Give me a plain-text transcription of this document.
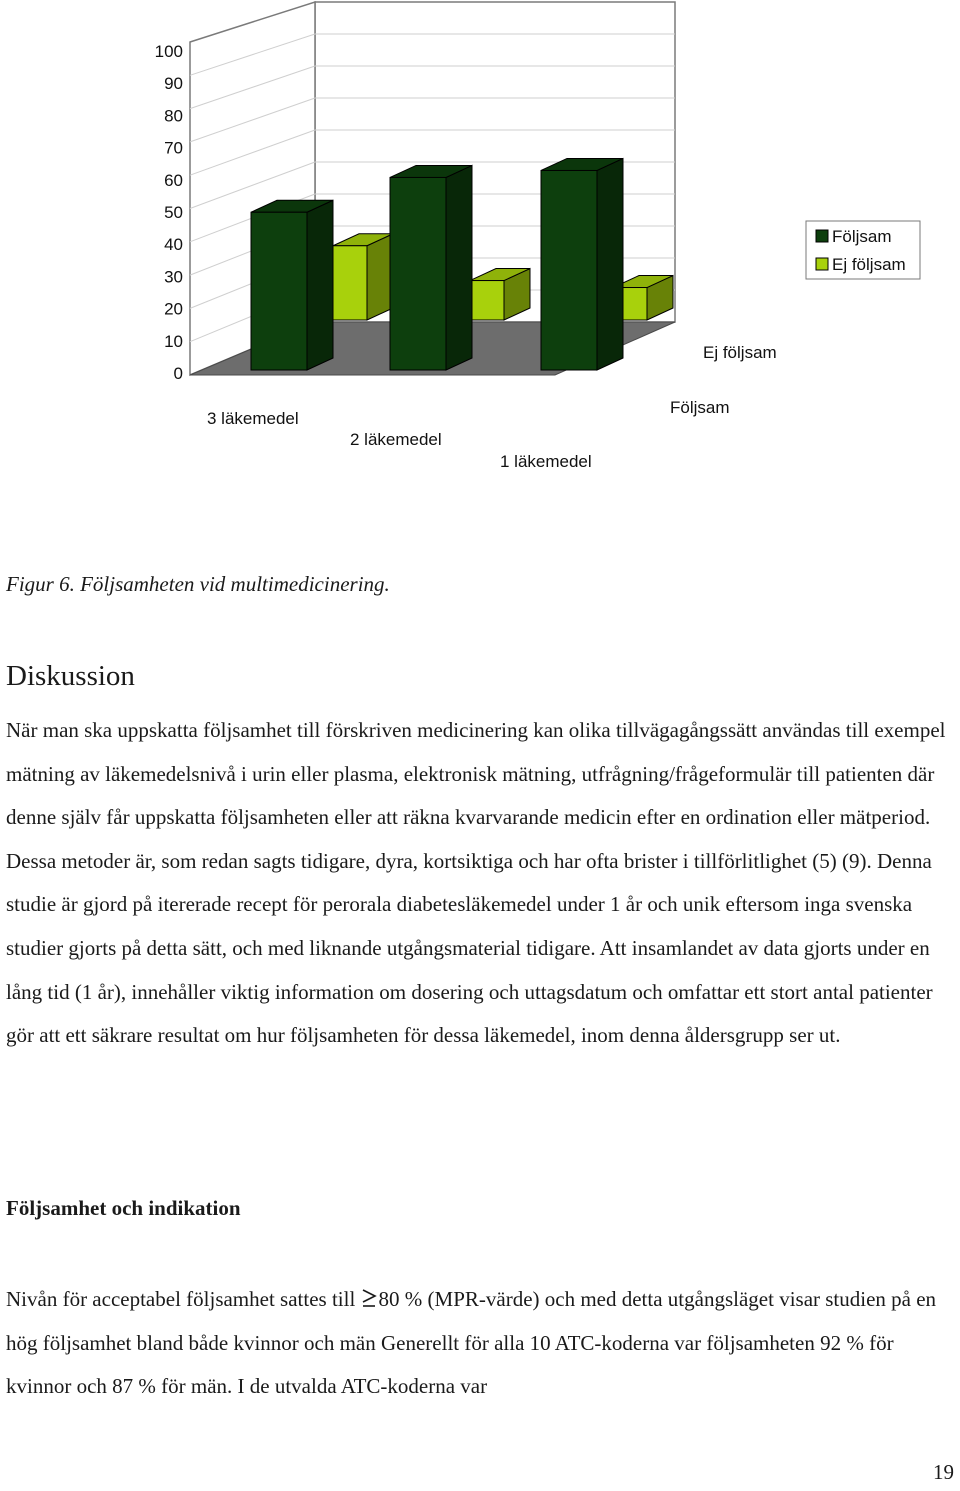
100
90
80
70
60
50
40
30
20
10
0
3 läkemedel
2 läkemedel
1 läkemedel
Ej följsam
Följsam
Följsam
Ej följsam
Figur 6. Följsamheten vid multimedicinering.
Diskussion

När man ska uppskatta följsamhet till förskriven medicinering kan olika tillvägagångssätt användas till exempel mätning av läkemedelsnivå i urin eller plasma, elektronisk mätning, utfrågning/frågeformulär till patienten där denne själv får uppskatta följsamheten eller att räkna kvarvarande medicin efter en ordination eller mätperiod. Dessa metoder är, som redan sagts tidigare, dyra, kortsiktiga och har ofta brister i tillförlitlighet (5) (9). Denna studie är gjord på itererade recept för perorala diabetesläkemedel under 1 år och unik eftersom inga svenska studier gjorts på detta sätt, och med liknande utgångsmaterial tidigare. Att insamlandet av data gjorts under en lång tid (1 år), innehåller viktig information om dosering och uttagsdatum och omfattar ett stort antal patienter gör att ett säkrare resultat om hur följsamheten för dessa läkemedel, inom denna åldersgrupp ser ut.

Följsamhet och indikation

Nivån för acceptabel följsamhet sattes till 80 % (MPR-värde) och med detta utgångsläget visar studien på en hög följsamhet bland både kvinnor och män Generellt för alla 10 ATC-koderna var följsamheten 92 % för kvinnor och 87 % för män. I de utvalda ATC-koderna var

19
